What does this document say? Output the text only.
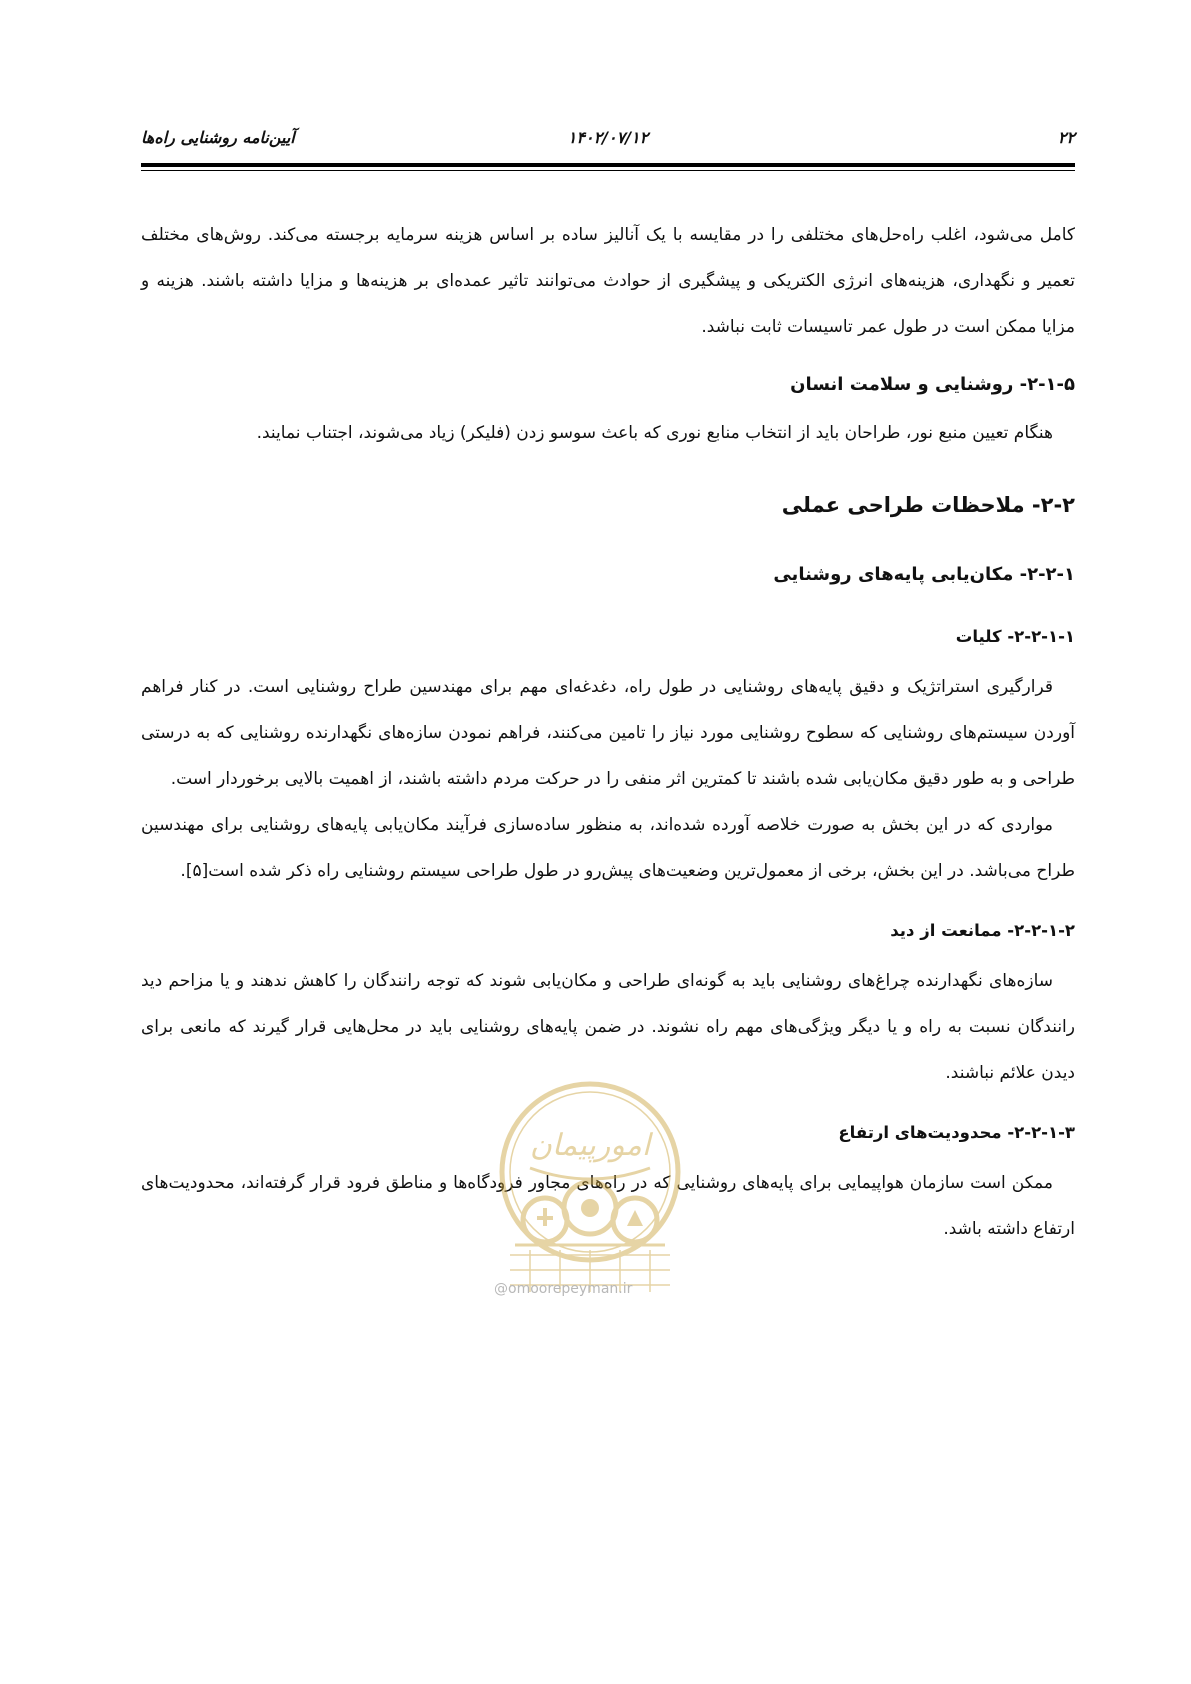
۲۲
۱۴۰۲/۰۷/۱۲
آیین‌نامه روشنایی راه‌ها

کامل می‌شود، اغلب راه‌حل‌های مختلفی را در مقایسه با یک آنالیز ساده بر اساس هزینه سرمایه برجسته می‌کند. روش‌های مختلف تعمیر و نگهداری، هزینه‌های انرژی الکتریکی و پیشگیری از حوادث می‌توانند تاثیر عمده‌ای بر هزینه‌ها و مزایا داشته باشند. هزینه و مزایا ممکن است در طول عمر تاسیسات ثابت نباشد.

۲-۱-۵- روشنایی و سلامت انسان

هنگام تعیین منبع نور، طراحان باید از انتخاب منابع نوری که باعث سوسو زدن (فلیکر) زیاد می‌شوند، اجتناب نمایند.

۲-۲- ملاحظات طراحی عملی

۲-۲-۱- مکان‌یابی پایه‌های روشنایی

۲-۲-۱-۱- کلیات

قرارگیری استراتژیک و دقیق پایه‌های روشنایی در طول راه، دغدغه‌ای مهم برای مهندسین طراح روشنایی است. در کنار فراهم آوردن سیستم‌های روشنایی که سطوح روشنایی مورد نیاز را تامین می‌کنند، فراهم نمودن سازه‌های نگهدارنده روشنایی که به درستی طراحی و به طور دقیق مکان‌یابی شده باشند تا کمترین اثر منفی را در حرکت مردم داشته باشند، از اهمیت بالایی برخوردار است.

مواردی که در این بخش به صورت خلاصه آورده شده‌اند، به منظور ساده‌سازی فرآیند مکان‌یابی پایه‌های روشنایی برای مهندسین طراح می‌باشد. در این بخش، برخی از معمول‌ترین وضعیت‌های پیش‌رو در طول طراحی سیستم روشنایی راه ذکر شده است[۵].

۲-۲-۱-۲- ممانعت از دید

سازه‌های نگهدارنده چراغ‌های روشنایی باید به گونه‌ای طراحی و مکان‌یابی شوند که توجه رانندگان را کاهش ندهند و یا مزاحم دید رانندگان نسبت به راه و یا دیگر ویژگی‌های مهم راه نشوند. در ضمن پایه‌های روشنایی باید در محل‌هایی قرار گیرند که مانعی برای دیدن علائم نباشند.

۲-۲-۱-۳- محدودیت‌های ارتفاع

ممکن است سازمان هواپیمایی برای پایه‌های روشنایی که در راه‌های مجاور فرودگاه‌ها و مناطق فرود قرار گرفته‌اند، محدودیت‌های ارتفاع داشته باشد.

امورپیمان
@omoorepeyman.ir
